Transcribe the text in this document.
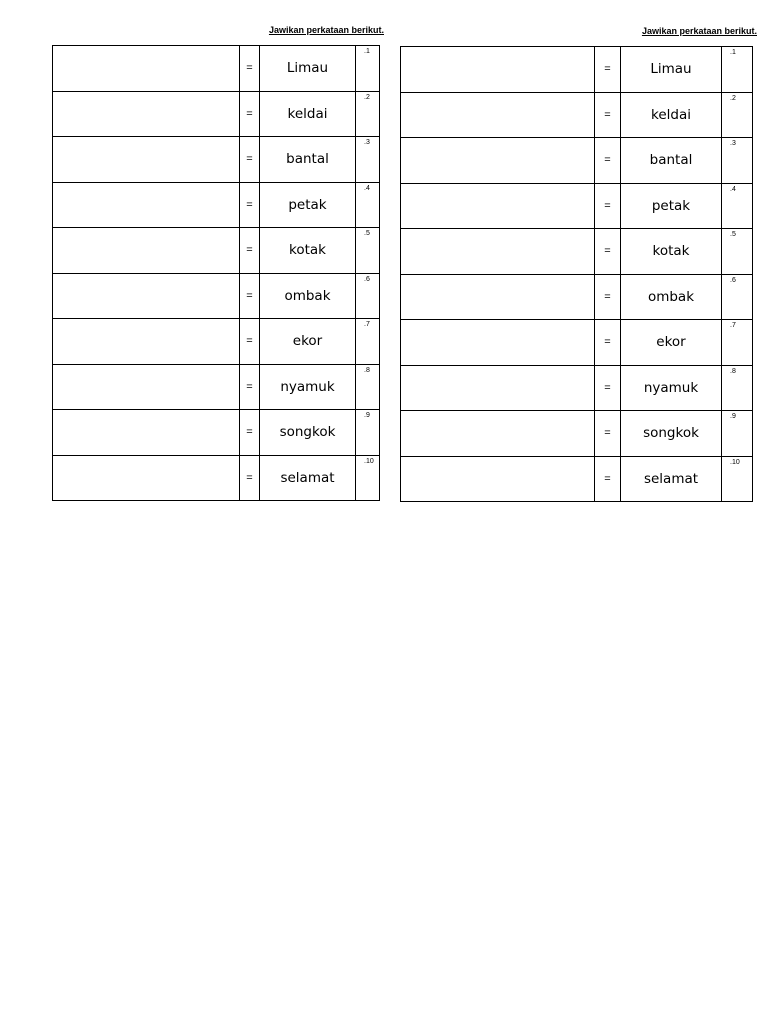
Jawikan perkataan berikut.
	=	Limau	.1

	=	keldai	.2

	=	bantal	.3

	=	petak	.4

	=	kotak	.5

	=	ombak	.6

	=	ekor	.7

	=	nyamuk	.8

	=	songkok	.9

	=	selamat	.10
Jawikan perkataan berikut.
	=	Limau	.1

	=	keldai	.2

	=	bantal	.3

	=	petak	.4

	=	kotak	.5

	=	ombak	.6

	=	ekor	.7

	=	nyamuk	.8

	=	songkok	.9

	=	selamat	.10
